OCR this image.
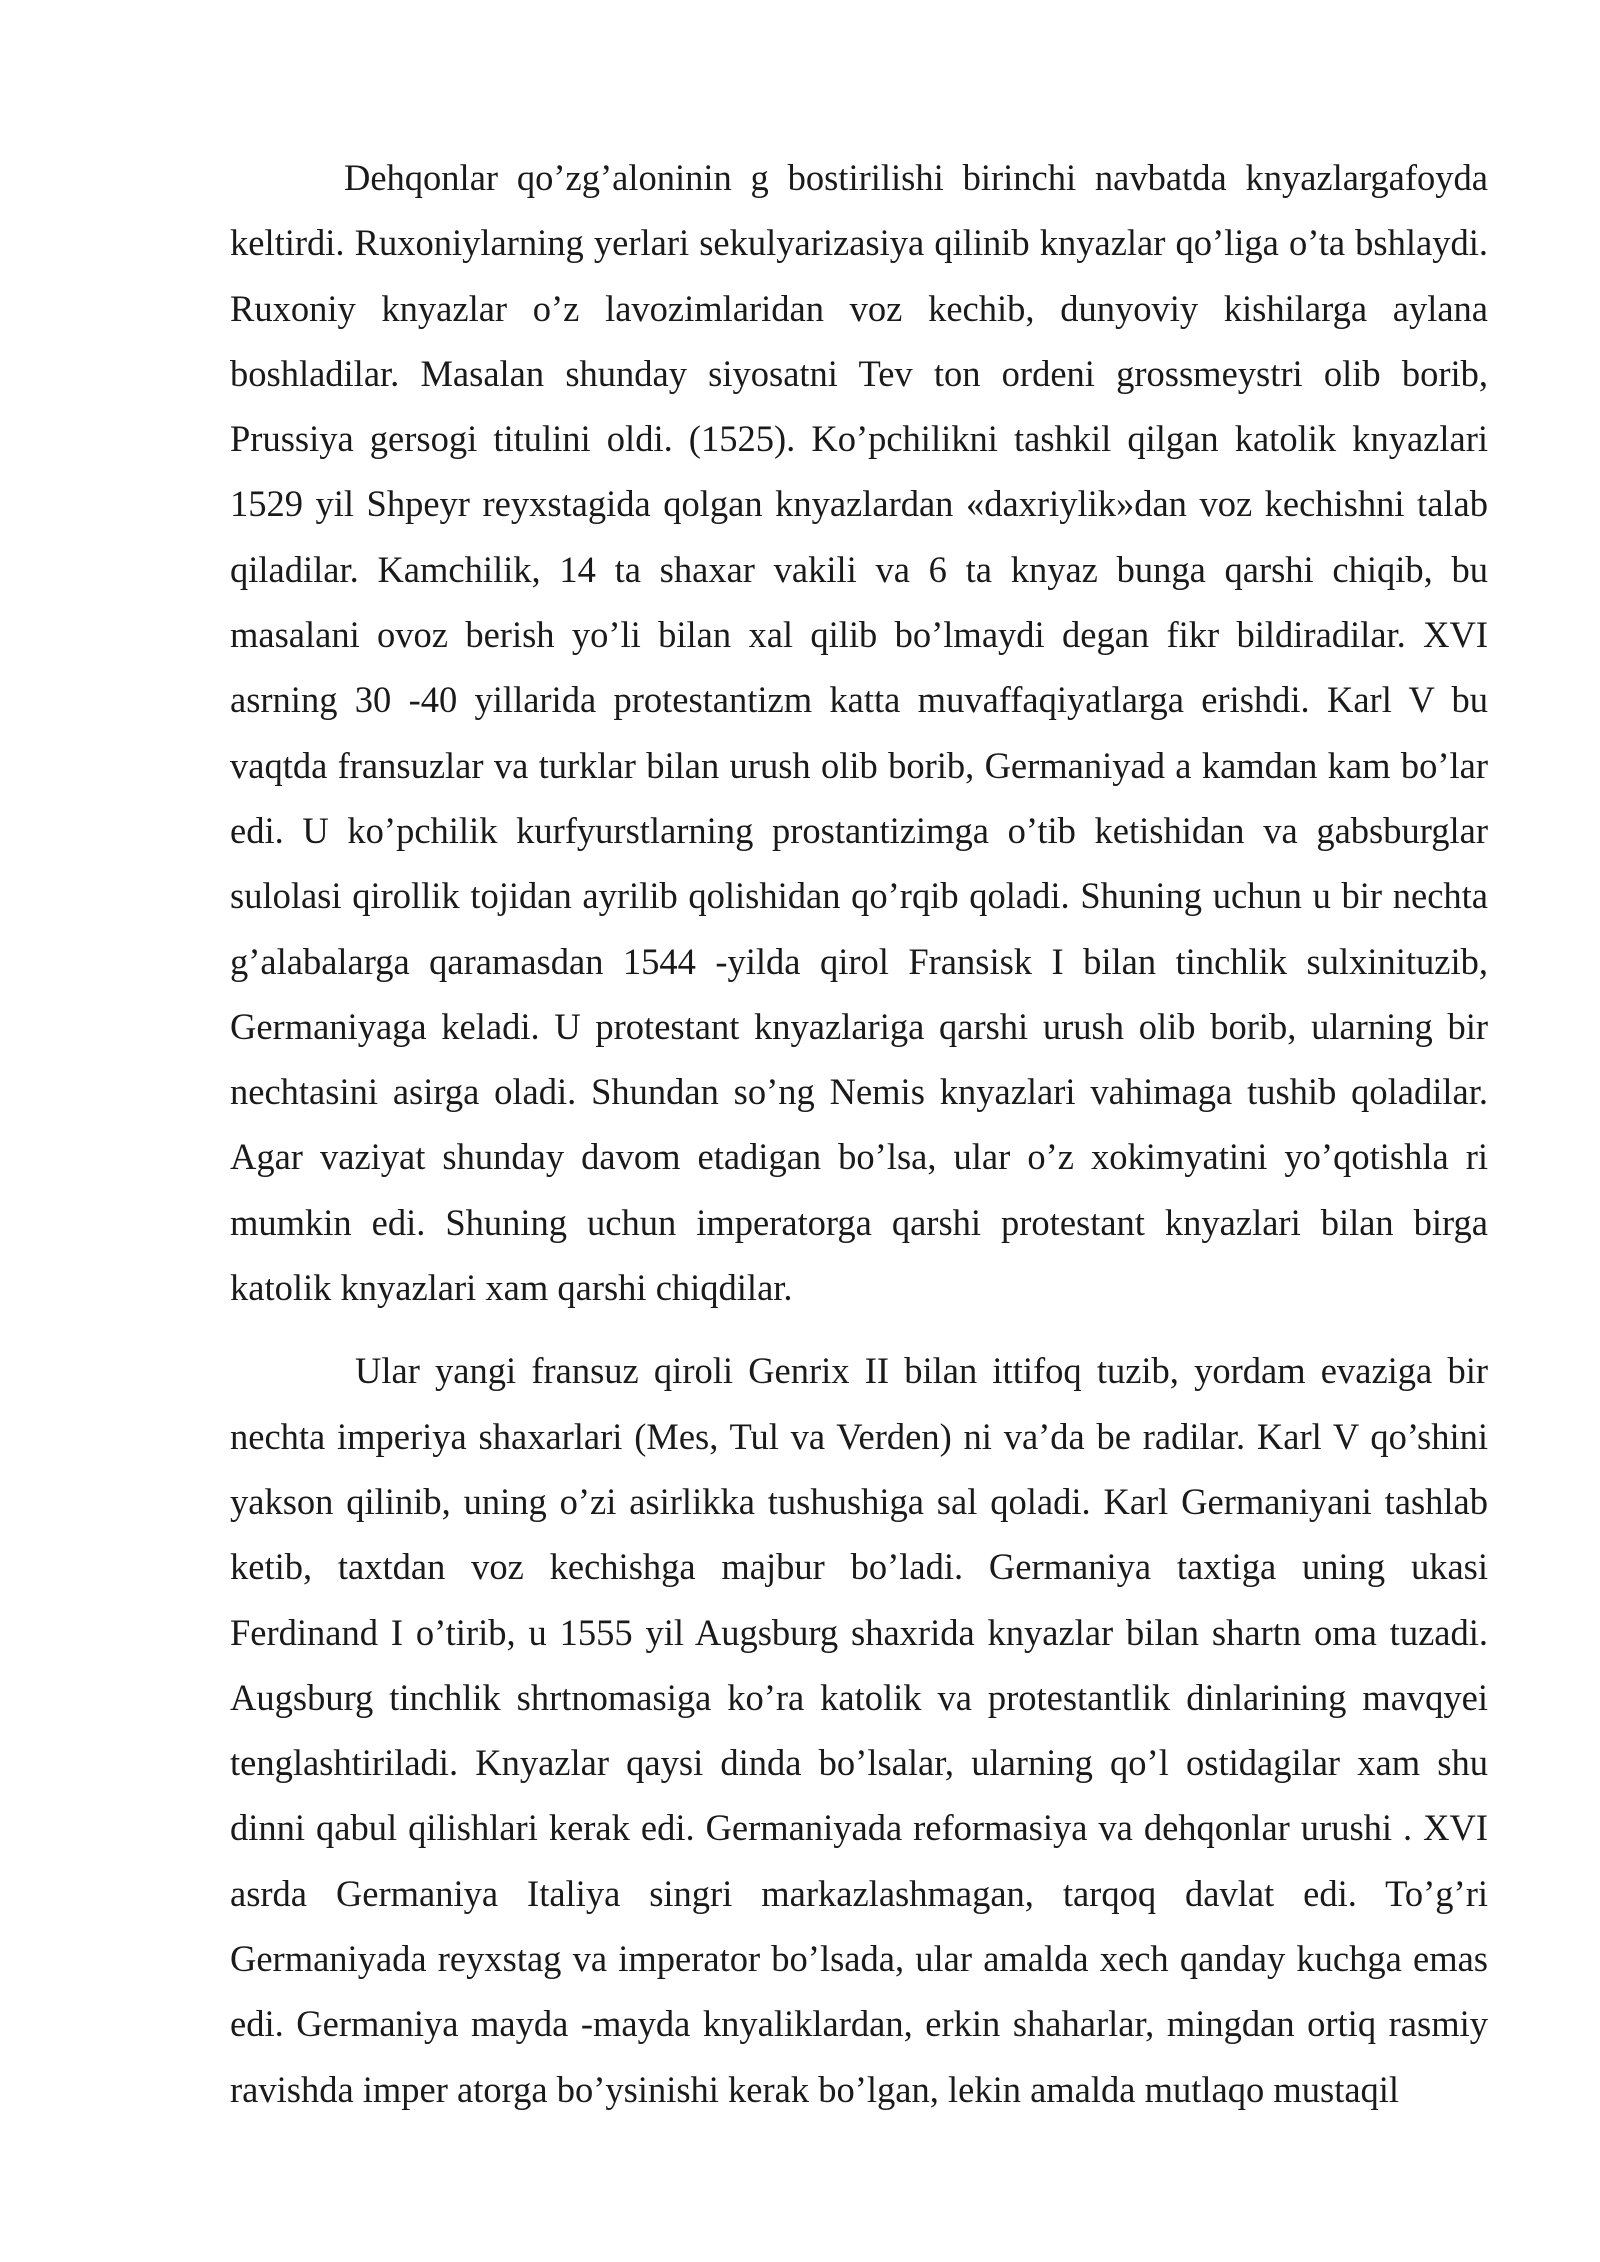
Dehqonlar qo’zg’aloninin g bostirilishi birinchi navbatda knyazlargafoyda keltirdi. Ruxoniylarning yerlari sekulyarizasiya qilinib knyazlar qo’liga o’ta bshlaydi. Ruxoniy knyazlar o’z lavozimlaridan voz kechib, dunyoviy kishilarga aylana boshladilar. Masalan shunday siyosatni Tev ton ordeni grossmeystri olib borib, Prussiya gersogi titulini oldi. (1525). Ko’pchilikni tashkil qilgan katolik knyazlari 1529 yil Shpeyr reyxstagida qolgan knyazlardan «daxriylik»dan voz kechishni talab qiladilar. Kamchilik, 14 ta shaxar vakili va 6 ta knyaz bunga qarshi chiqib, bu masalani ovoz berish yo’li bilan xal qilib bo’lmaydi degan fikr bildiradilar. XVI asrning 30 -40 yillarida protestantizm katta muvaffaqiyatlarga erishdi. Karl V bu vaqtda fransuzlar va turklar bilan urush olib borib, Germaniyad a kamdan kam bo’lar edi. U ko’pchilik kurfyurstlarning prostantizimga o’tib ketishidan va gabsburglar sulolasi qirollik tojidan ayrilib qolishidan qo’rqib qoladi. Shuning uchun u bir nechta g’alabalarga qaramasdan 1544 -yilda qirol Fransisk I bilan tinchlik sulxinituzib, Germaniyaga keladi. U protestant knyazlariga qarshi urush olib borib, ularning bir nechtasini asirga oladi. Shundan so’ng Nemis knyazlari vahimaga tushib qoladilar. Agar vaziyat shunday davom etadigan bo’lsa, ular o’z xokimyatini yo’qotishla ri mumkin edi. Shuning uchun imperatorga qarshi protestant knyazlari bilan birga katolik knyazlari xam qarshi chiqdilar.

Ular yangi fransuz qiroli Genrix II bilan ittifoq tuzib, yordam evaziga bir nechta imperiya shaxarlari (Mes, Tul va Verden) ni va’da be radilar. Karl V qo’shini yakson qilinib, uning o’zi asirlikka tushushiga sal qoladi. Karl Germaniyani tashlab ketib, taxtdan voz kechishga majbur bo’ladi. Germaniya taxtiga uning ukasi Ferdinand I o’tirib, u 1555 yil Augsburg shaxrida knyazlar bilan shartn oma tuzadi. Augsburg tinchlik shrtnomasiga ko’ra katolik va protestantlik dinlarining mavqyei tenglashtiriladi. Knyazlar qaysi dinda bo’lsalar, ularning qo’l ostidagilar xam shu dinni qabul qilishlari kerak edi. Germaniyada reformasiya va dehqonlar urushi . XVI asrda Germaniya Italiya singri markazlashmagan, tarqoq davlat edi. To’g’ri Germaniyada reyxstag va imperator bo’lsada, ular amalda xech qanday kuchga emas edi. Germaniya mayda -mayda knyaliklardan, erkin shaharlar, mingdan ortiq rasmiy ravishda imper atorga bo’ysinishi kerak bo’lgan, lekin amalda mutlaqo mustaqil
